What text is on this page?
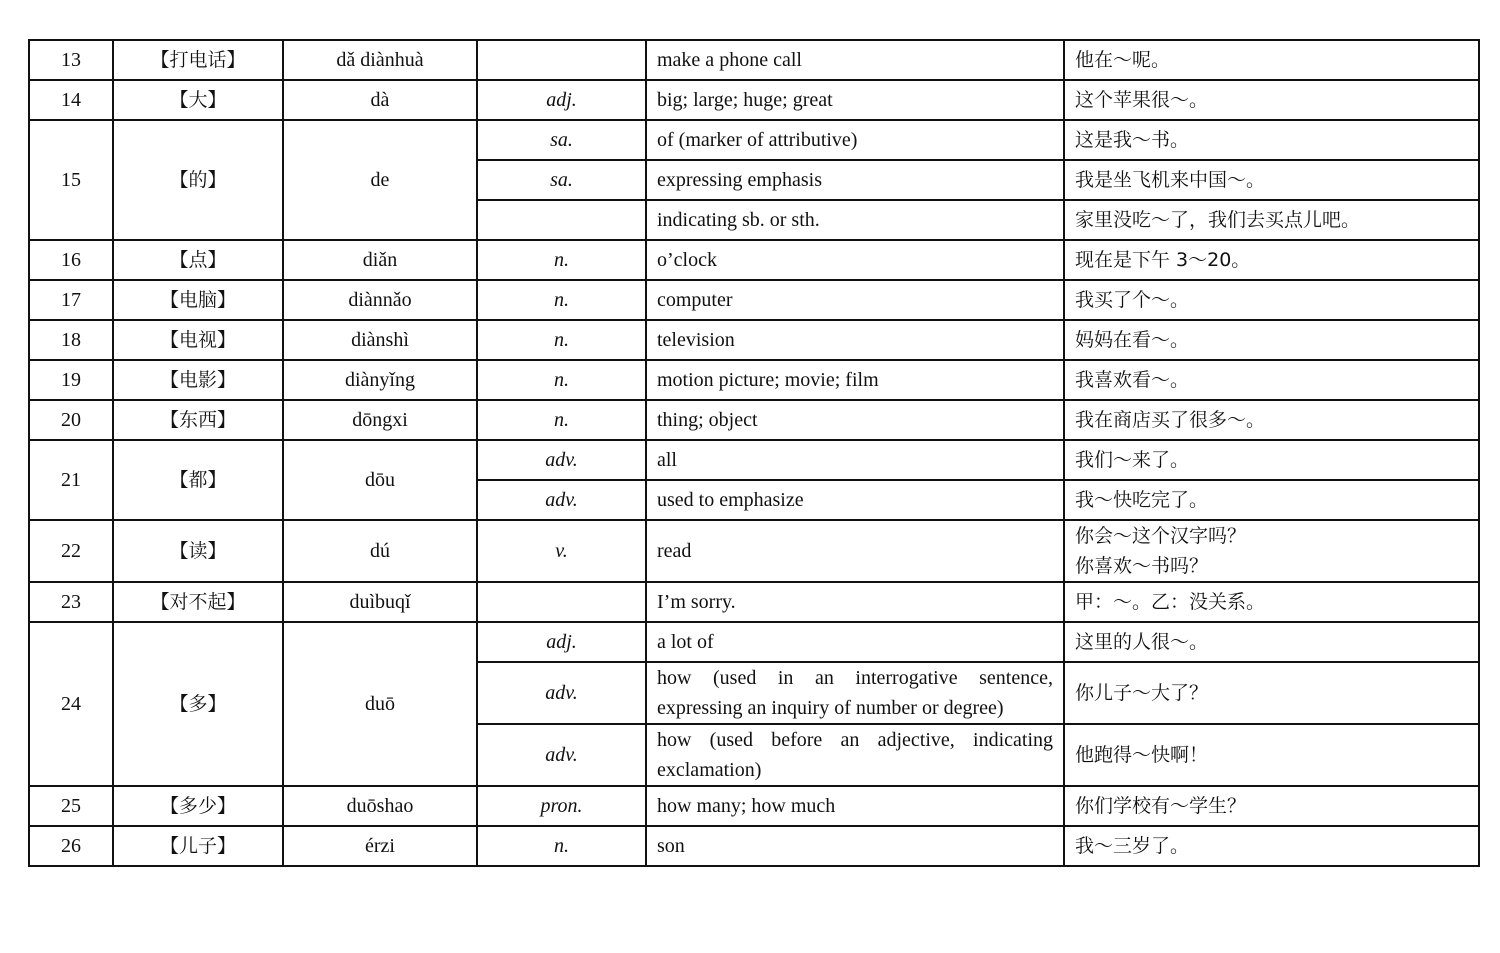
13	【打电话】	dǎ diànhuà		make a phone call	他在～呢。
14	【大】	dà	adj.	big; large; huge; great	这个苹果很～。
15	【的】	de	sa.	of (marker of attributive)	这是我～书。
			sa.	expressing emphasis	我是坐飞机来中国～。
				indicating sb. or sth.	家里没吃～了，我们去买点儿吧。
16	【点】	diǎn	n.	o’clock	现在是下午 3～20。
17	【电脑】	diànnǎo	n.	computer	我买了个～。
18	【电视】	diànshì	n.	television	妈妈在看～。
19	【电影】	diànyǐng	n.	motion picture; movie; film	我喜欢看～。
20	【东西】	dōngxi	n.	thing; object	我在商店买了很多～。
21	【都】	dōu	adv.	all	我们～来了。
			adv.	used to emphasize	我～快吃完了。
22	【读】	dú	v.	read	你会～这个汉字吗？
你喜欢～书吗？

23	【对不起】	duìbuqǐ		I’m sorry.	甲：～。乙：没关系。
24	【多】	duō	adj.	a lot of	这里的人很～。
			adv.	how (used in an interrogative sentence, expressing an inquiry of number or degree)	你儿子～大了？
			adv.	how (used before an adjective, indicating exclamation)	他跑得～快啊！
25	【多少】	duōshao	pron.	how many; how much	你们学校有～学生？
26	【儿子】	érzi	n.	son	我～三岁了。
